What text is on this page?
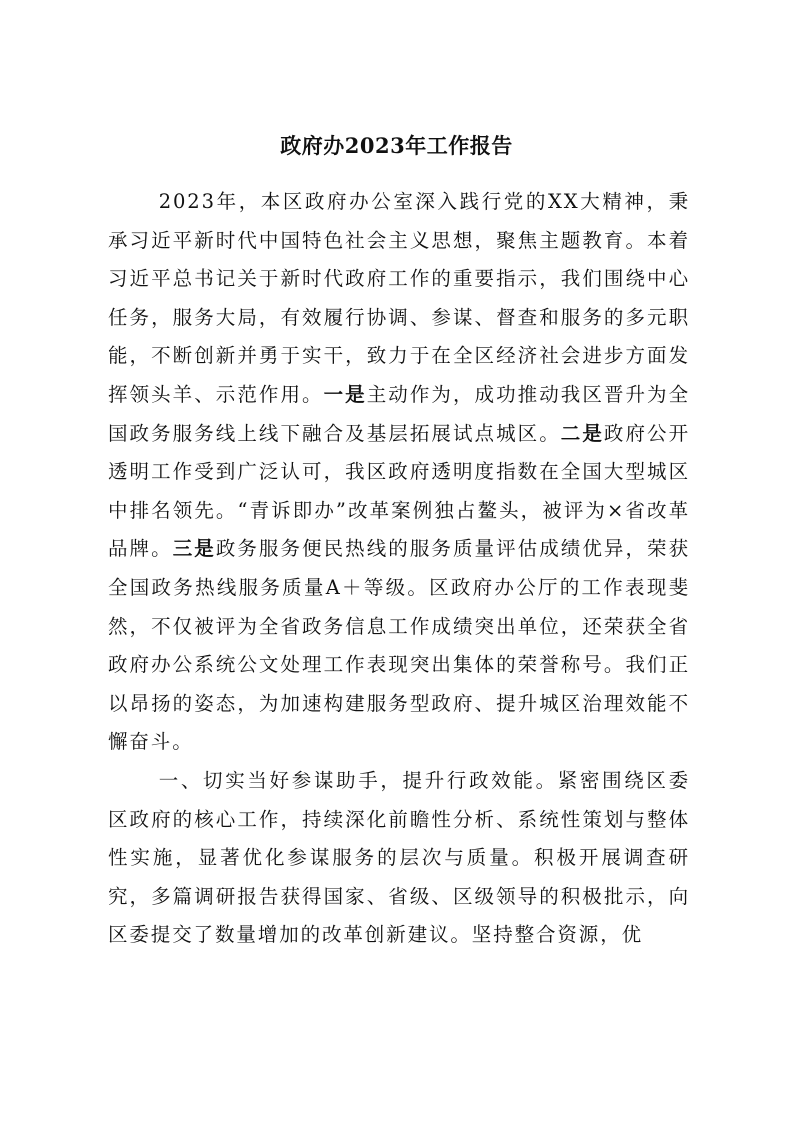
政府办2023年工作报告

2023年，本区政府办公室深入践行党的XX大精神，秉承习近平新时代中国特色社会主义思想，聚焦主题教育。本着习近平总书记关于新时代政府工作的重要指示，我们围绕中心任务，服务大局，有效履行协调、参谋、督查和服务的多元职能，不断创新并勇于实干，致力于在全区经济社会进步方面发挥领头羊、示范作用。一是主动作为，成功推动我区晋升为全国政务服务线上线下融合及基层拓展试点城区。二是政府公开透明工作受到广泛认可，我区政府透明度指数在全国大型城区中排名领先。“青诉即办”改革案例独占鳌头，被评为×省改革品牌。三是政务服务便民热线的服务质量评估成绩优异，荣获全国政务热线服务质量A＋等级。区政府办公厅的工作表现斐然，不仅被评为全省政务信息工作成绩突出单位，还荣获全省政府办公系统公文处理工作表现突出集体的荣誉称号。我们正以昂扬的姿态，为加速构建服务型政府、提升城区治理效能不懈奋斗。

一、切实当好参谋助手，提升行政效能。紧密围绕区委区政府的核心工作，持续深化前瞻性分析、系统性策划与整体性实施，显著优化参谋服务的层次与质量。积极开展调查研究，多篇调研报告获得国家、省级、区级领导的积极批示，向区委提交了数量增加的改革创新建议。坚持整合资源，优
